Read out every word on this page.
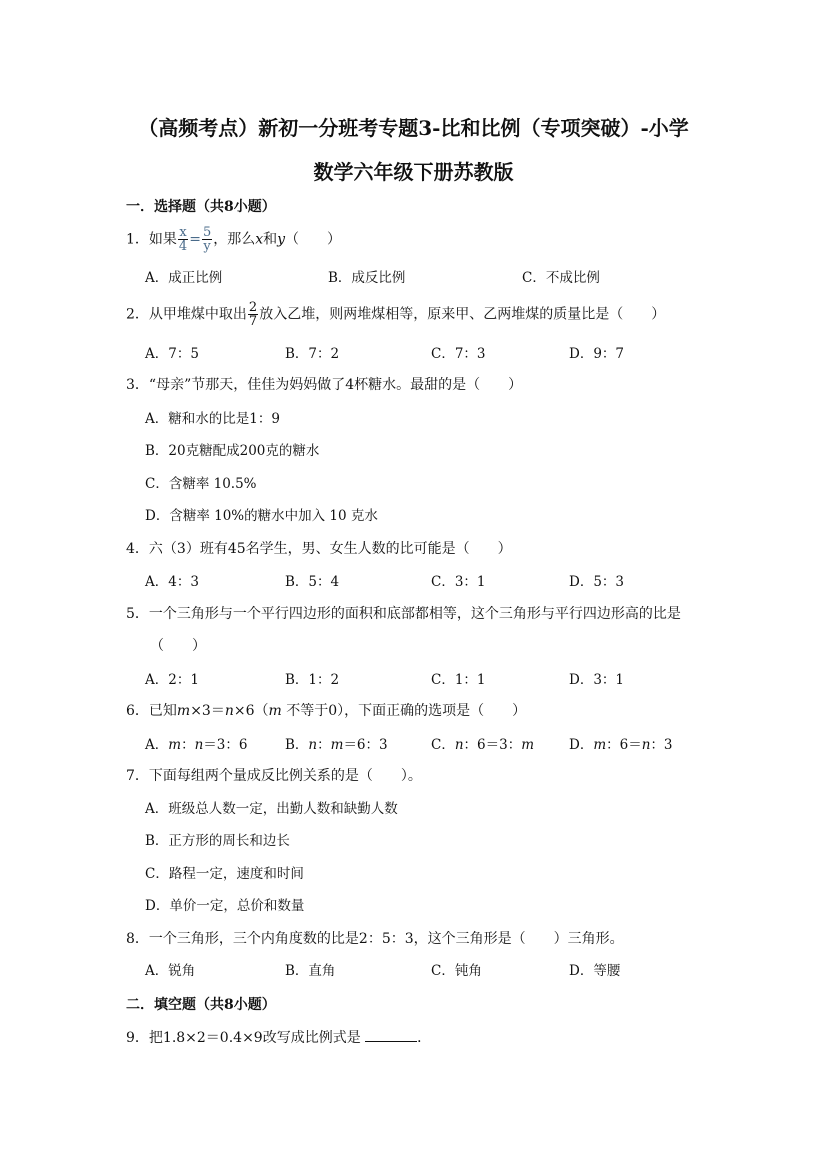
（高频考点）新初一分班考专题3-比和比例（专项突破）-小学
数学六年级下册苏教版
一．选择题（共8小题）
1．如果 $\frac{x}{4} = \frac{5}{y}$ ，那么x和y（　　）
A．成正比例	B．成反比例	C．不成比例
2．从甲堆煤中取出 $\frac{2}{7}$ 放入乙堆，则两堆煤相等，原来甲、乙两堆煤的质量比是（　　）
A．7：5	B．7：2	C．7：3	D．9：7
3．“母亲”节那天，佳佳为妈妈做了4杯糖水。最甜的是（　　）
A．糖和水的比是1：9
B．20克糖配成200克的糖水
C．含糖率 10.5%
D．含糖率 10%的糖水中加入 10 克水
4．六（3）班有45名学生，男、女生人数的比可能是（　　）
A．4：3	B．5：4	C．3：1	D．5：3
5．一个三角形与一个平行四边形的面积和底部都相等，这个三角形与平行四边形高的比是
（　　）
A．2：1	B．1：2	C．1：1	D．3：1
6．已知m×3＝n×6（m 不等于0），下面正确的选项是（　　）
A．m：n＝3：6	B．n：m＝6：3	C．n：6＝3：m	D．m：6＝n：3
7．下面每组两个量成反比例关系的是（　　）。
A．班级总人数一定，出勤人数和缺勤人数
B．正方形的周长和边长
C．路程一定，速度和时间
D．单价一定，总价和数量
8．一个三角形，三个内角度数的比是2：5：3，这个三角形是（　　）三角形。
A．锐角	B．直角	C．钝角	D．等腰
二．填空题（共8小题）
9．把1.8×2＝0.4×9改写成比例式是	．
